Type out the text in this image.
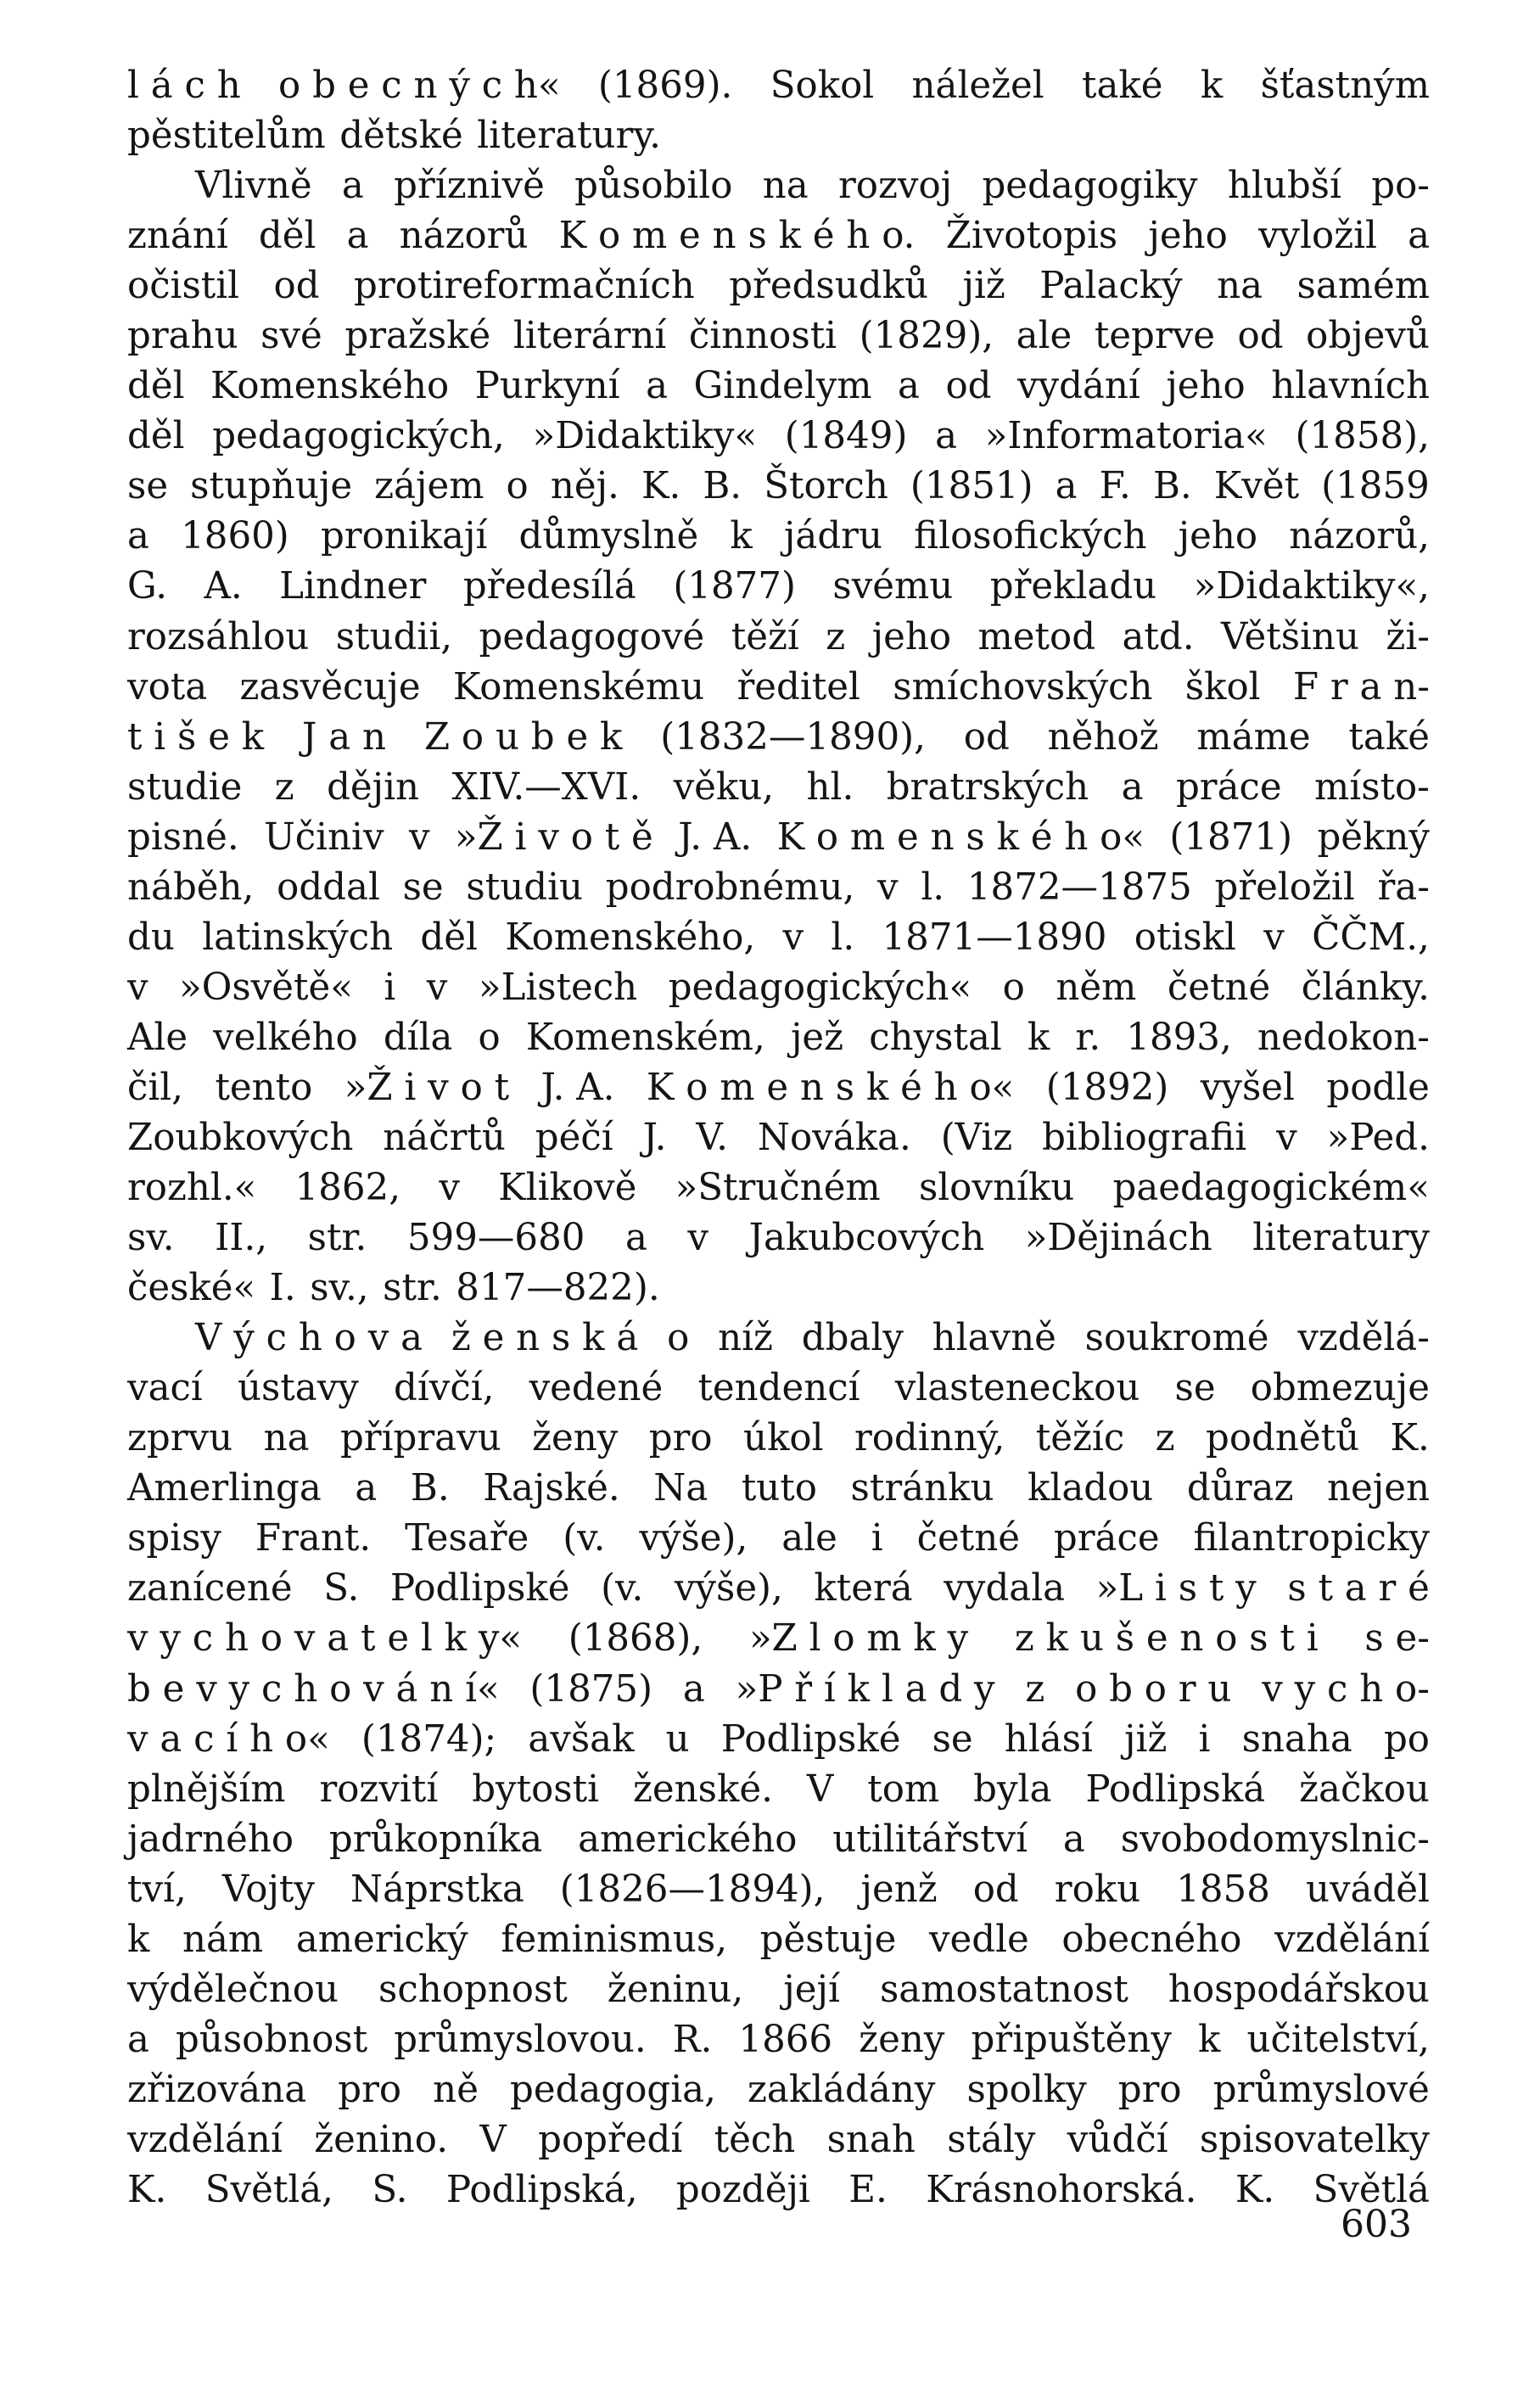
l á c h o b e c n ý c h« (1869). Sokol náležel také k šťastným
pěstitelům dětské literatury.
Vlivně a příznivě působilo na rozvoj pedagogiky hlubší po-
znání děl a názorů K o m e n s k é h o. Životopis jeho vyložil a
očistil od protireformačních předsudků již Palacký na samém
prahu své pražské literární činnosti (1829), ale teprve od objevů
děl Komenského Purkyní a Gindelym a od vydání jeho hlavních
děl pedagogických, »Didaktiky« (1849) a »Informatoria« (1858),
se stupňuje zájem o něj. K. B. Štorch (1851) a F. B. Květ (1859
a 1860) pronikají důmyslně k jádru filosofických jeho názorů,
G. A. Lindner předesílá (1877) svému překladu »Didaktiky«,
rozsáhlou studii, pedagogové těží z jeho metod atd. Většinu ži-
vota zasvěcuje Komenskému ředitel smíchovských škol F r a n-
t i š e k J a n Z o u b e k (1832—1890), od něhož máme také
studie z dějin XIV.—XVI. věku, hl. bratrských a práce místo-
pisné. Učiniv v »Ž i v o t ě J. A. K o m e n s k é h o« (1871) pěkný
náběh, oddal se studiu podrobnému, v l. 1872—1875 přeložil řa-
du latinských děl Komenského, v l. 1871—1890 otiskl v ČČM.,
v »Osvětě« i v »Listech pedagogických« o něm četné články.
Ale velkého díla o Komenském, jež chystal k r. 1893, nedokon-
čil, tento »Ž i v o t J. A. K o m e n s k é h o« (1892) vyšel podle
Zoubkových náčrtů péčí J. V. Nováka. (Viz bibliografii v »Ped.
rozhl.« 1862, v Klikově »Stručném slovníku paedagogickém«
sv. II., str. 599—680 a v Jakubcových »Dějinách literatury
české« I. sv., str. 817—822).
V ý c h o v a ž e n s k á o níž dbaly hlavně soukromé vzdělá-
vací ústavy dívčí, vedené tendencí vlasteneckou se obmezuje
zprvu na přípravu ženy pro úkol rodinný, těžíc z podnětů K.
Amerlinga a B. Rajské. Na tuto stránku kladou důraz nejen
spisy Frant. Tesaře (v. výše), ale i četné práce filantropicky
zanícené S. Podlipské (v. výše), která vydala »L i s t y s t a r é
v y c h o v a t e l k y« (1868), »Z l o m k y z k u š e n o s t i s e-
b e v y c h o v á n í« (1875) a »P ř í k l a d y z o b o r u v y c h o-
v a c í h o« (1874); avšak u Podlipské se hlásí již i snaha po
plnějším rozvití bytosti ženské. V tom byla Podlipská žačkou
jadrného průkopníka amerického utilitářství a svobodomyslnic-
tví, Vojty Náprstka (1826—1894), jenž od roku 1858 uváděl
k nám americký feminismus, pěstuje vedle obecného vzdělání
výdělečnou schopnost ženinu, její samostatnost hospodářskou
a působnost průmyslovou. R. 1866 ženy připuštěny k učitelství,
zřizována pro ně pedagogia, zakládány spolky pro průmyslové
vzdělání ženino. V popředí těch snah stály vůdčí spisovatelky
K. Světlá, S. Podlipská, později E. Krásnohorská. K. Světlá
603
